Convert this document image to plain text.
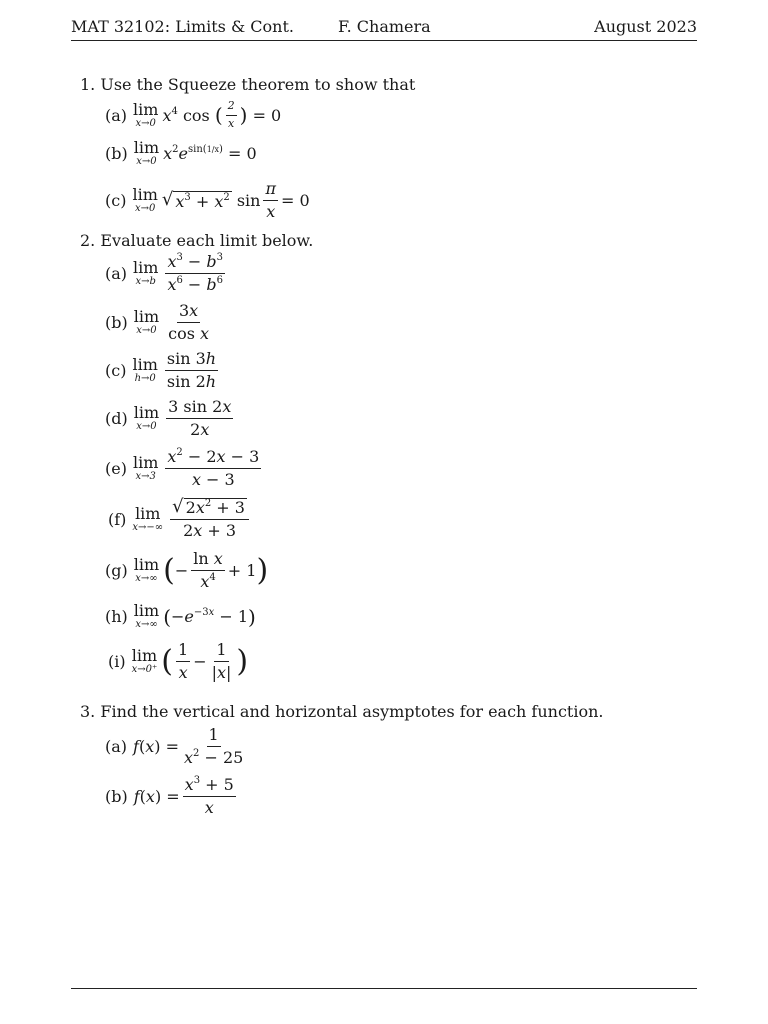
MAT 32102: Limits & Cont.	F. Chamera	August 2023
1. Use the Squeeze theorem to show that
(a) lim
x→0 $x^4$
cos
( $\frac{2}{x}$ )
= 0
(b) lim
x→0 $x^2e^{sin(1/x)}$
= 0
(c) lim
x→0 √ $x^3 + x^2$
$\sin \frac{\pi}{x} = 0$
2. Evaluate each limit below.
(a) lim
$x\to b \frac{x^3 - b^3}{x^6 - b^6}$
(b) lim
$x\to 0 \frac{3x}{\text{cos x}}$
(c) lim
$h\to 0 \frac{\sin 3h}{\sin 2h}$
(d) lim
$x\to 0 \frac{3 \sin 2x}{2x}$
(e) lim
$x\to 3 \frac{x^2 - 2x - 3}{x - 3}$
(f) lim
$x\to-\infty \frac{√ 2x^2 + 3}{2x + 3}$
(g) lim
x→∞ ( − $\frac{\text{ln x}}{x^4} + 1$ )
(h) lim
x→∞ ( − $e^{-3x} - 1$ )
(i) lim
x→0⁺ ( $\frac{1}{x} - \frac{1}{|x|}$ )
3. Find the vertical and horizontal asymptotes for each function.
(a) f ( x ) = $\frac{1}{x^2 - 25}$
(b) f ( x ) = $\frac{x^3 + 5}{x}$
